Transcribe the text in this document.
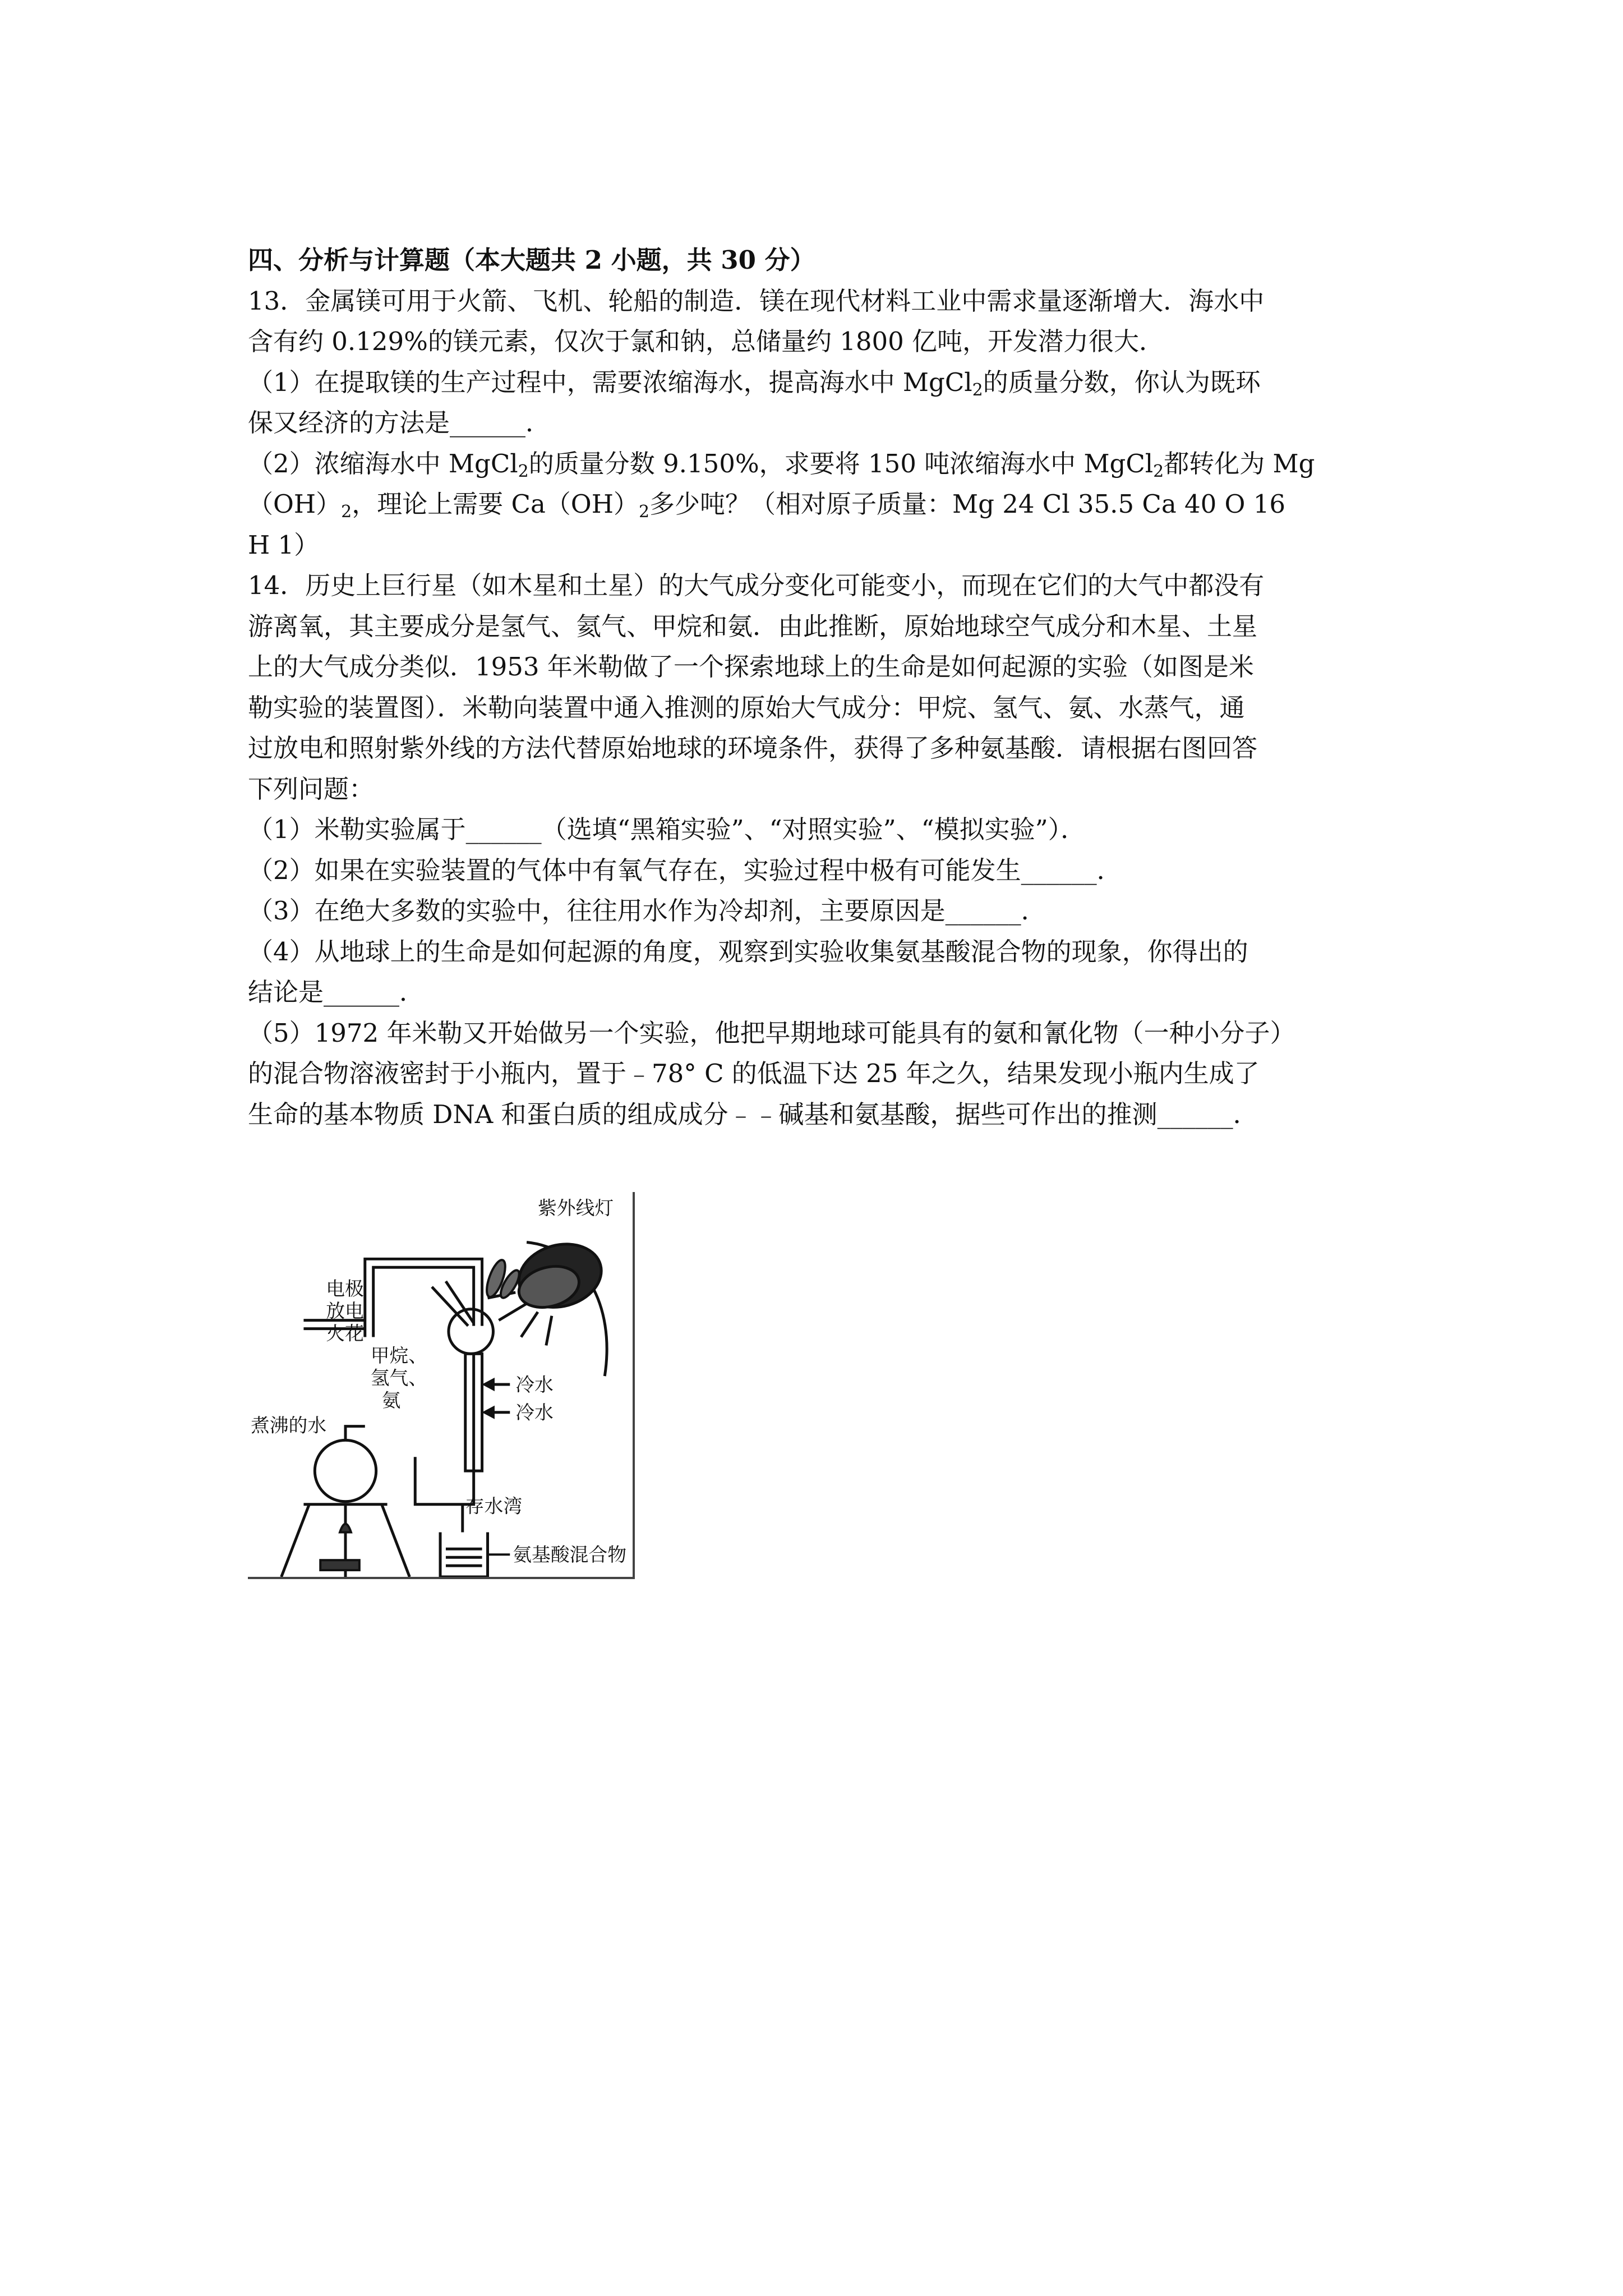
四、分析与计算题（本大题共 2 小题，共 30 分）
13．金属镁可用于火箭、飞机、轮船的制造．镁在现代材料工业中需求量逐渐增大．海水中
含有约 0.129%的镁元素，仅次于氯和钠，总储量约 1800 亿吨，开发潜力很大．
（1）在提取镁的生产过程中，需要浓缩海水，提高海水中 MgCl$_2$的质量分数，你认为既环
保又经济的方法是______．
（2）浓缩海水中 MgCl$_2$的质量分数 9.150%，求要将 150 吨浓缩海水中 MgCl$_2$都转化为 Mg
$(OH)_2$，理论上需要 $Ca(OH)_2$多少吨？（相对原子质量：Mg 24 Cl 35.5 Ca 40 O 16
H 1）
14．历史上巨行星（如木星和土星）的大气成分变化可能变小，而现在它们的大气中都没有
游离氧，其主要成分是氢气、氦气、甲烷和氨．由此推断，原始地球空气成分和木星、土星
上的大气成分类似．1953 年米勒做了一个探索地球上的生命是如何起源的实验（如图是米
勒实验的装置图）．米勒向装置中通入推测的原始大气成分：甲烷、氢气、氨、水蒸气，通
过放电和照射紫外线的方法代替原始地球的环境条件，获得了多种氨基酸．请根据右图回答
下列问题：
（1）米勒实验属于______（选填“黑箱实验”、“对照实验”、“模拟实验”）．
（2）如果在实验装置的气体中有氧气存在，实验过程中极有可能发生______．
（3）在绝大多数的实验中，往往用水作为冷却剂，主要原因是______．
（4）从地球上的生命是如何起源的角度，观察到实验收集氨基酸混合物的现象，你得出的
结论是______．
（5）1972 年米勒又开始做另一个实验，他把早期地球可能具有的氨和氰化物（一种小分子）
的混合物溶液密封于小瓶内，置于﹣78° C 的低温下达 25 年之久，结果发现小瓶内生成了
生命的基本物质 DNA 和蛋白质的组成成分﹣﹣碱基和氨基酸，据些可作出的推测______．
紫外线灯
电极
放电
火花
甲烷、
氢气、
氨
冷水
冷水
煮沸的水
存水湾
氨基酸混合物
